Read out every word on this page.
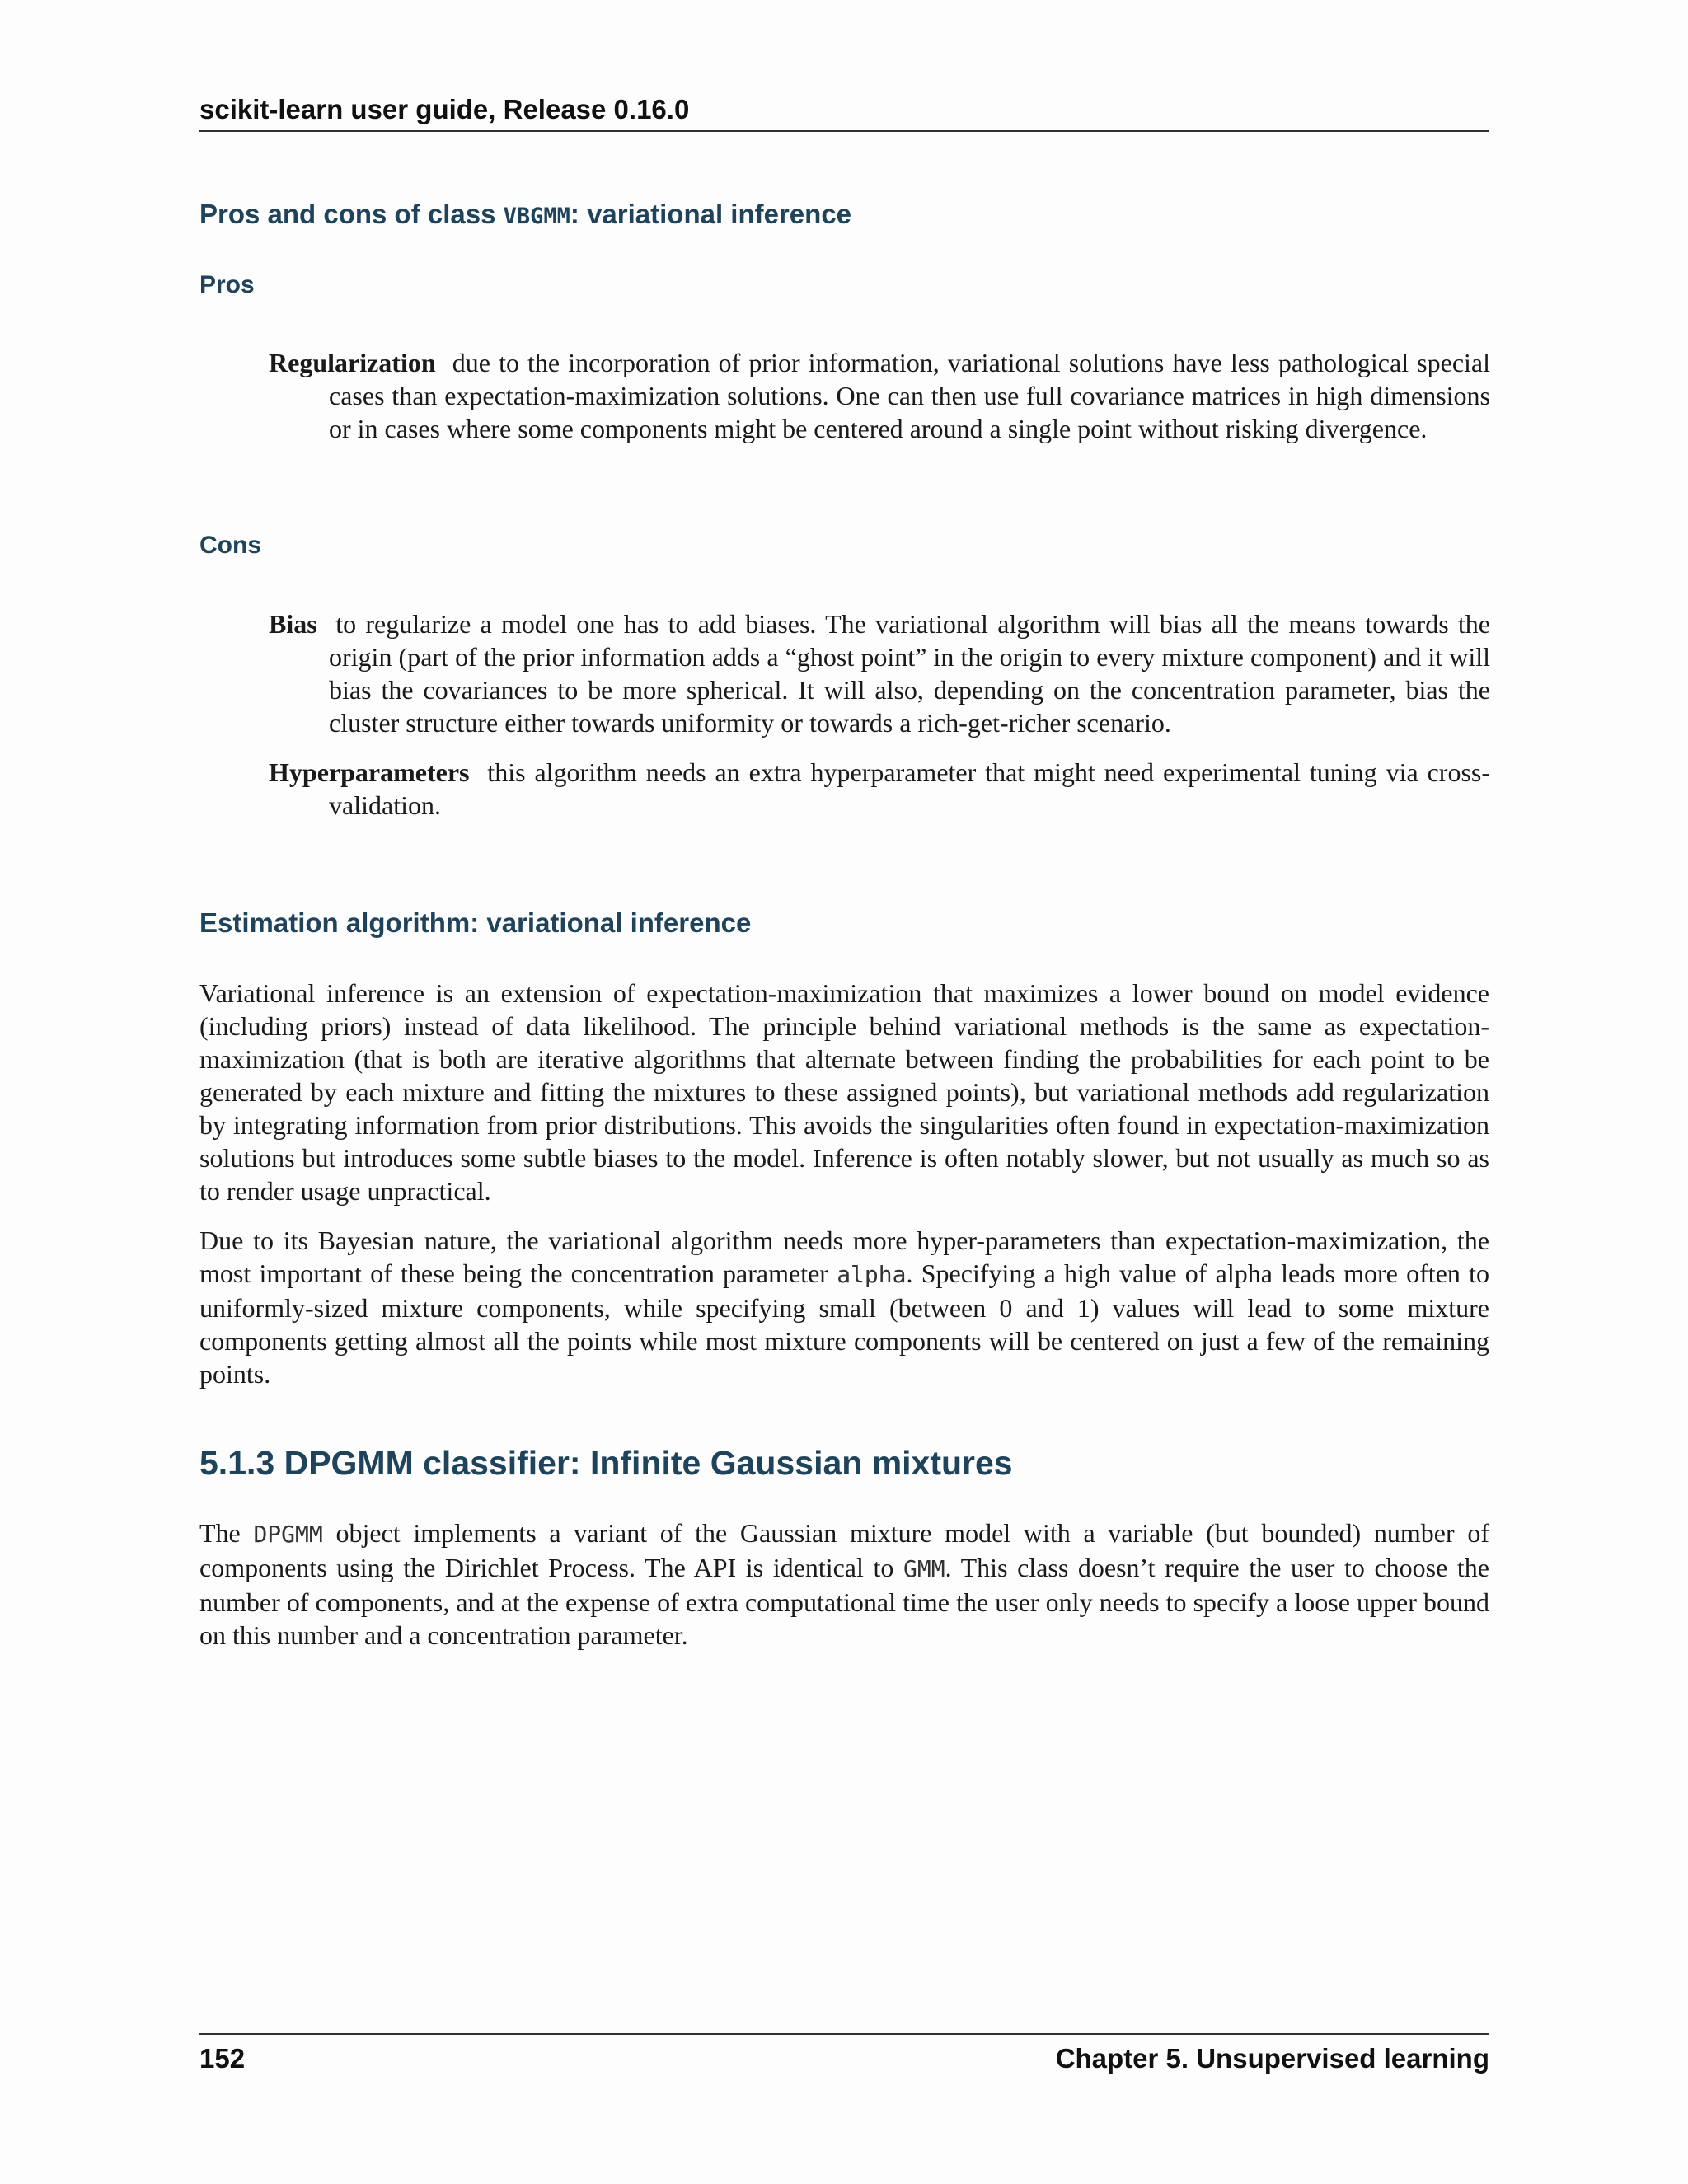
scikit-learn user guide, Release 0.16.0
Pros and cons of class VBGMM: variational inference
Pros

Regularization due to the incorporation of prior information, variational solutions have less pathological special cases than expectation-maximization solutions. One can then use full covariance matrices in high dimensions or in cases where some components might be centered around a single point without risking divergence.

Cons

Bias to regularize a model one has to add biases. The variational algorithm will bias all the means towards the origin (part of the prior information adds a “ghost point” in the origin to every mixture component) and it will bias the covariances to be more spherical. It will also, depending on the concentration parameter, bias the cluster structure either towards uniformity or towards a rich-get-richer scenario.

Hyperparameters this algorithm needs an extra hyperparameter that might need experimental tuning via cross-validation.

Estimation algorithm: variational inference

Variational inference is an extension of expectation-maximization that maximizes a lower bound on model evidence (including priors) instead of data likelihood. The principle behind variational methods is the same as expectation-maximization (that is both are iterative algorithms that alternate between finding the probabilities for each point to be generated by each mixture and fitting the mixtures to these assigned points), but variational methods add regularization by integrating information from prior distributions. This avoids the singularities often found in expectation-maximization solutions but introduces some subtle biases to the model. Inference is often notably slower, but not usually as much so as to render usage unpractical.

Due to its Bayesian nature, the variational algorithm needs more hyper-parameters than expectation-maximization, the most important of these being the concentration parameter alpha. Specifying a high value of alpha leads more often to uniformly-sized mixture components, while specifying small (between 0 and 1) values will lead to some mixture components getting almost all the points while most mixture components will be centered on just a few of the remaining points.

5.1.3 DPGMM classifier: Infinite Gaussian mixtures

The DPGMM object implements a variant of the Gaussian mixture model with a variable (but bounded) number of components using the Dirichlet Process. The API is identical to GMM. This class doesn’t require the user to choose the number of components, and at the expense of extra computational time the user only needs to specify a loose upper bound on this number and a concentration parameter.

152	Chapter 5. Unsupervised learning
